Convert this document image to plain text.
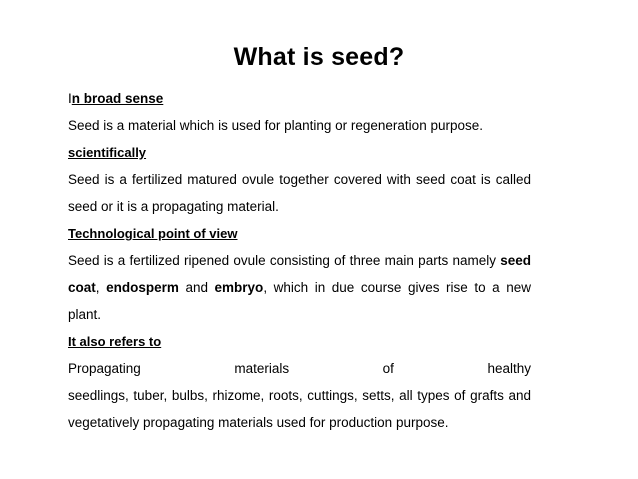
What is seed?

In broad sense

Seed is a material which is used for planting or regeneration purpose.

scientifically

Seed is a fertilized matured ovule together covered with seed coat is called seed or it is a propagating material.

Technological point of view

Seed is a fertilized ripened ovule consisting of three main parts namely seed coat, endosperm and embryo, which in due course gives rise to a new plant.

It also refers to

Propagating materials of healthy

seedlings, tuber, bulbs, rhizome, roots, cuttings, setts, all types of grafts and vegetatively propagating materials used for production purpose.
